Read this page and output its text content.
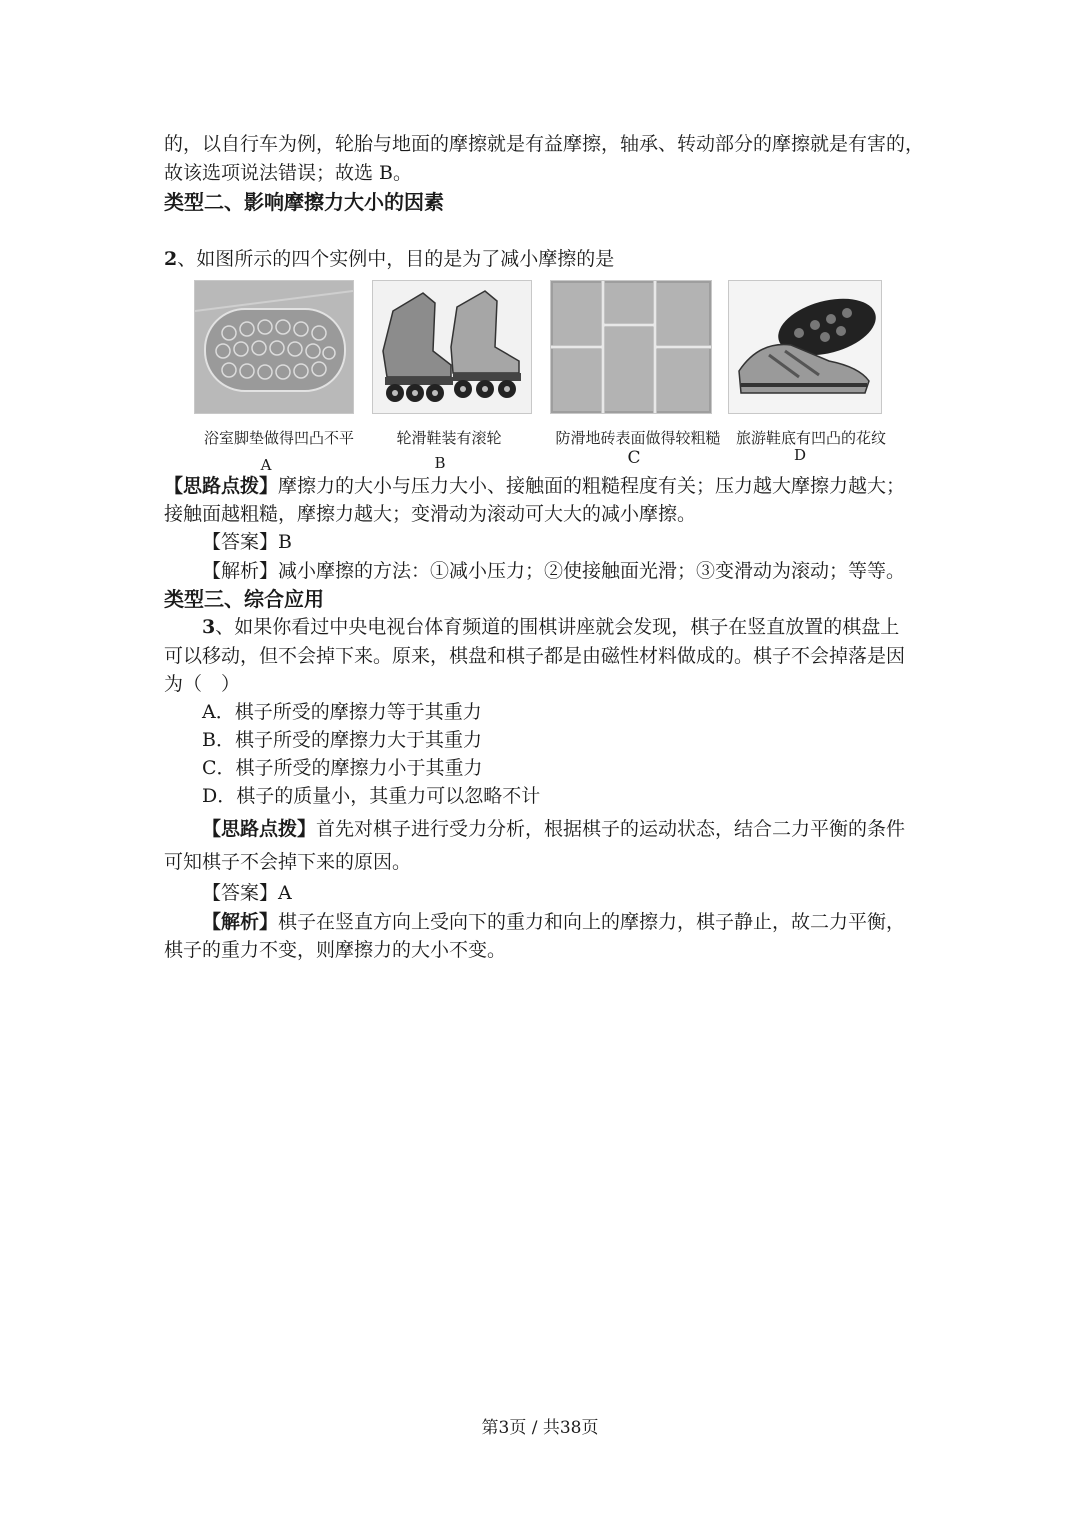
的，以自行车为例，轮胎与地面的摩擦就是有益摩擦，轴承、转动部分的摩擦就是有害的，
故该选项说法错误；故选 B。
类型二、影响摩擦力大小的因素
2、如图所示的四个实例中，目的是为了减小摩擦的是
浴室脚垫做得凹凸不平	轮滑鞋装有滚轮	防滑地砖表面做得较粗糙	旅游鞋底有凹凸的花纹
A	B	C	D
【思路点拨】摩擦力的大小与压力大小、接触面的粗糙程度有关；压力越大摩擦力越大；
接触面越粗糙，摩擦力越大；变滑动为滚动可大大的减小摩擦。
【答案】B
【解析】减小摩擦的方法：①减小压力；②使接触面光滑；③变滑动为滚动；等等。
类型三、综合应用
3、如果你看过中央电视台体育频道的围棋讲座就会发现，棋子在竖直放置的棋盘上
可以移动，但不会掉下来。原来，棋盘和棋子都是由磁性材料做成的。棋子不会掉落是因
为（　）
A．棋子所受的摩擦力等于其重力
B．棋子所受的摩擦力大于其重力
C．棋子所受的摩擦力小于其重力
D．棋子的质量小，其重力可以忽略不计
【思路点拨】首先对棋子进行受力分析，根据棋子的运动状态，结合二力平衡的条件
可知棋子不会掉下来的原因。
【答案】A
【解析】棋子在竖直方向上受向下的重力和向上的摩擦力，棋子静止，故二力平衡，
棋子的重力不变，则摩擦力的大小不变。
第3页 / 共38页
